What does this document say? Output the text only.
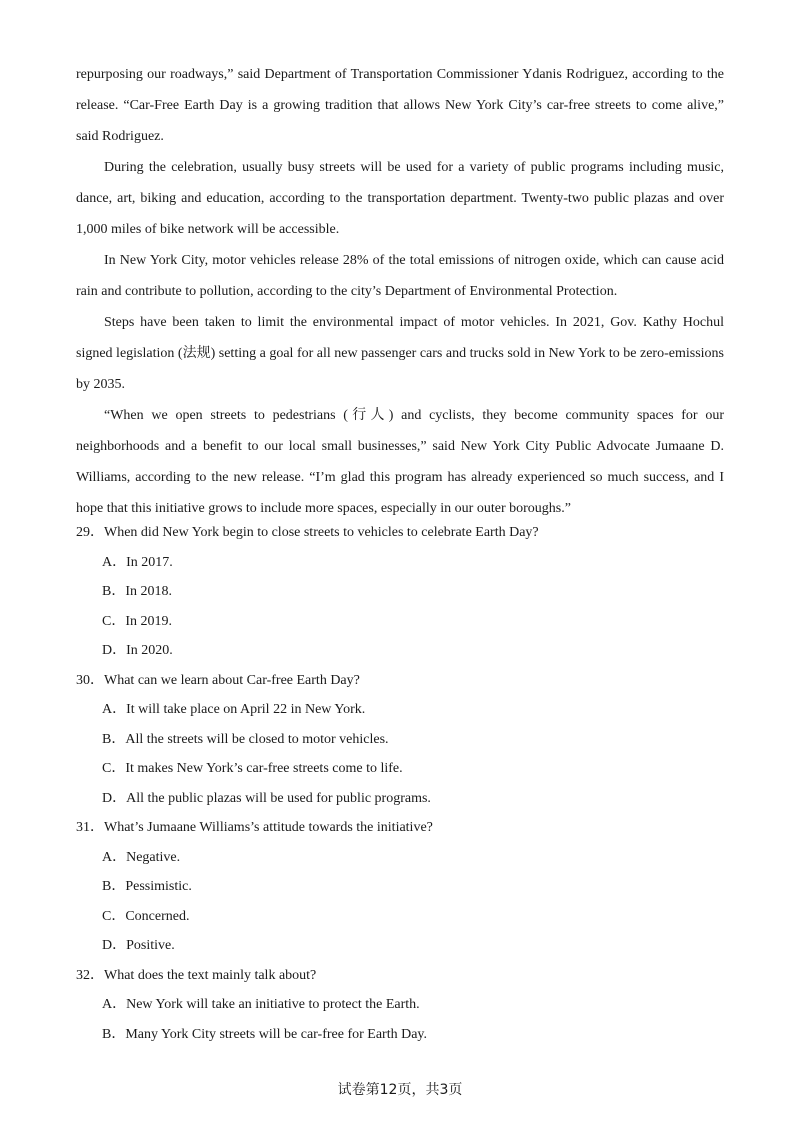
repurposing our roadways,” said Department of Transportation Commissioner Ydanis Rodriguez, according to the release. “Car-Free Earth Day is a growing tradition that allows New York City’s car-free streets to come alive,” said Rodriguez.

During the celebration, usually busy streets will be used for a variety of public programs including music, dance, art, biking and education, according to the transportation department. Twenty-two public plazas and over 1,000 miles of bike network will be accessible.

In New York City, motor vehicles release 28% of the total emissions of nitrogen oxide, which can cause acid rain and contribute to pollution, according to the city’s Department of Environmental Protection.

Steps have been taken to limit the environmental impact of motor vehicles. In 2021, Gov. Kathy Hochul signed legislation (法规) setting a goal for all new passenger cars and trucks sold in New York to be zero-emissions by 2035.

“When we open streets to pedestrians (行人) and cyclists, they become community spaces for our neighborhoods and a benefit to our local small businesses,” said New York City Public Advocate Jumaane D. Williams, according to the new release. “I’m glad this program has already experienced so much success, and I hope that this initiative grows to include more spaces, especially in our outer boroughs.”

29．When did New York begin to close streets to vehicles to celebrate Earth Day?
A．In 2017.
B．In 2018.
C．In 2019.
D．In 2020.
30．What can we learn about Car-free Earth Day?
A．It will take place on April 22 in New York.
B．All the streets will be closed to motor vehicles.
C．It makes New York’s car-free streets come to life.
D．All the public plazas will be used for public programs.
31．What’s Jumaane Williams’s attitude towards the initiative?
A．Negative.
B．Pessimistic.
C．Concerned.
D．Positive.
32．What does the text mainly talk about?
A．New York will take an initiative to protect the Earth.
B．Many York City streets will be car-free for Earth Day.
试卷第12页，共3页
